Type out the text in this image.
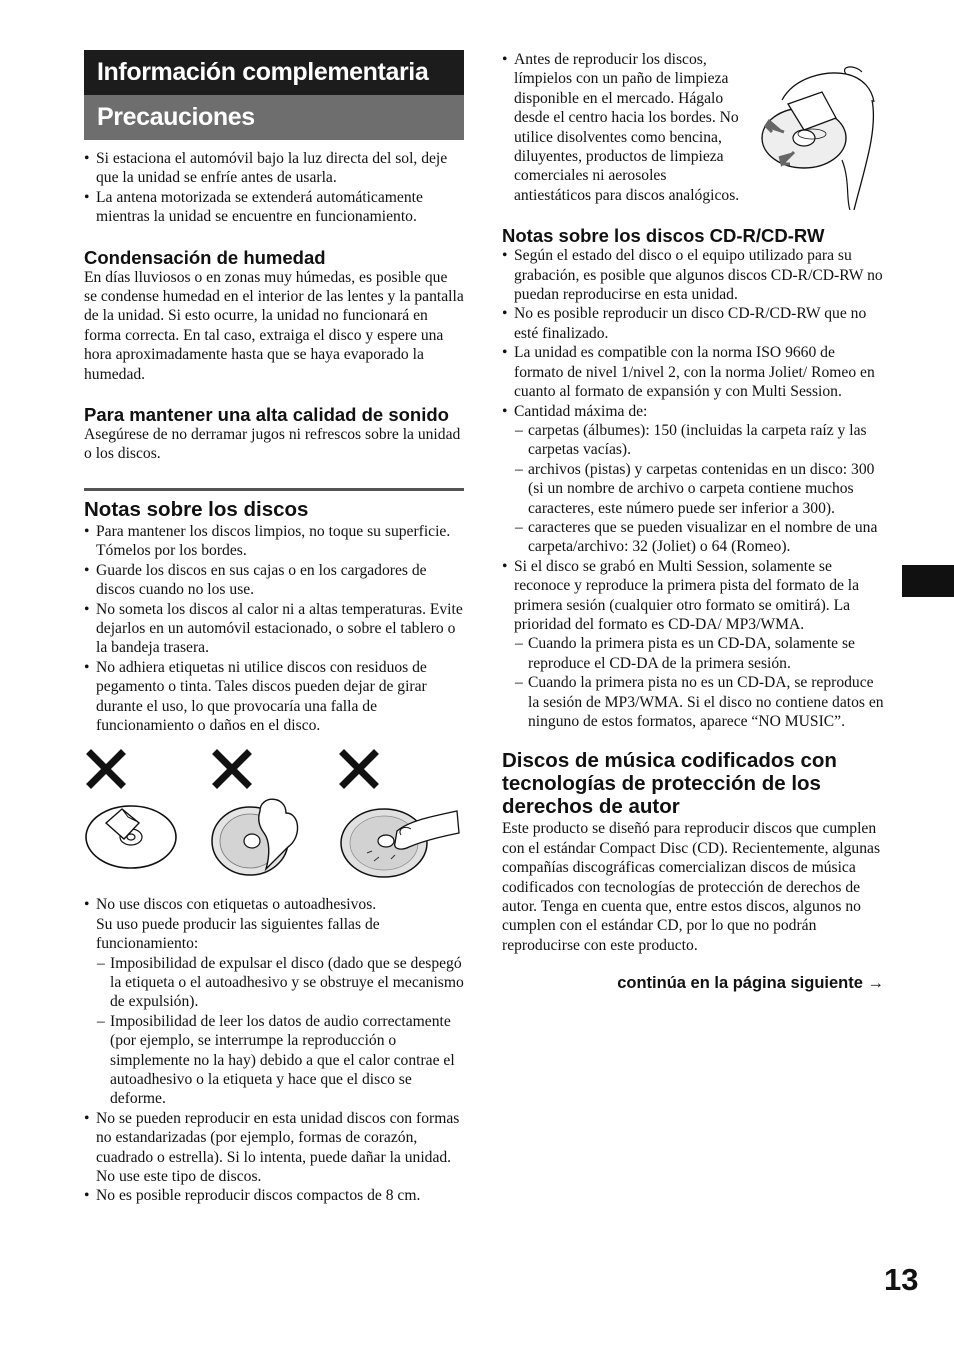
Información complementaria
Precauciones
• Si estaciona el automóvil bajo la luz directa del sol, deje que la unidad se enfríe antes de usarla.
• La antena motorizada se extenderá automáticamente mientras la unidad se encuentre en funcionamiento.
Condensación de humedad

En días lluviosos o en zonas muy húmedas, es posible que se condense humedad en el interior de las lentes y la pantalla de la unidad. Si esto ocurre, la unidad no funcionará en forma correcta. En tal caso, extraiga el disco y espere una hora aproximadamente hasta que se haya evaporado la humedad.

Para mantener una alta calidad de sonido

Asegúrese de no derramar jugos ni refrescos sobre la unidad o los discos.

Notas sobre los discos
• Para mantener los discos limpios, no toque su superficie. Tómelos por los bordes.
• Guarde los discos en sus cajas o en los cargadores de discos cuando no los use.
• No someta los discos al calor ni a altas temperaturas. Evite dejarlos en un automóvil estacionado, o sobre el tablero o la bandeja trasera.
• No adhiera etiquetas ni utilice discos con residuos de pegamento o tinta. Tales discos pueden dejar de girar durante el uso, lo que provocaría una falla de funcionamiento o daños en el disco.
• No use discos con etiquetas o autoadhesivos.
Su uso puede producir las siguientes fallas de funcionamiento:
– Imposibilidad de expulsar el disco (dado que se despegó la etiqueta o el autoadhesivo y se obstruye el mecanismo de expulsión).
– Imposibilidad de leer los datos de audio correctamente (por ejemplo, se interrumpe la reproducción o simplemente no la hay) debido a que el calor contrae el autoadhesivo o la etiqueta y hace que el disco se deforme.
• No se pueden reproducir en esta unidad discos con formas no estandarizadas (por ejemplo, formas de corazón, cuadrado o estrella). Si lo intenta, puede dañar la unidad. No use este tipo de discos.
• No es posible reproducir discos compactos de 8 cm.
• Antes de reproducir los discos, límpielos con un paño de limpieza disponible en el mercado. Hágalo desde el centro hacia los bordes. No utilice disolventes como bencina, diluyentes, productos de limpieza comerciales ni aerosoles antiestáticos para discos analógicos.
Notas sobre los discos CD-R/CD-RW
• Según el estado del disco o el equipo utilizado para su grabación, es posible que algunos discos CD-R/CD-RW no puedan reproducirse en esta unidad.
• No es posible reproducir un disco CD-R/CD-RW que no esté finalizado.
• La unidad es compatible con la norma ISO 9660 de formato de nivel 1/nivel 2, con la norma Joliet/ Romeo en cuanto al formato de expansión y con Multi Session.
• Cantidad máxima de:
– carpetas (álbumes): 150 (incluidas la carpeta raíz y las carpetas vacías).
– archivos (pistas) y carpetas contenidas en un disco: 300 (si un nombre de archivo o carpeta contiene muchos caracteres, este número puede ser inferior a 300).
– caracteres que se pueden visualizar en el nombre de una carpeta/archivo: 32 (Joliet) o 64 (Romeo).
• Si el disco se grabó en Multi Session, solamente se reconoce y reproduce la primera pista del formato de la primera sesión (cualquier otro formato se omitirá). La prioridad del formato es CD-DA/ MP3/WMA.
– Cuando la primera pista es un CD-DA, solamente se reproduce el CD-DA de la primera sesión.
– Cuando la primera pista no es un CD-DA, se reproduce la sesión de MP3/WMA. Si el disco no contiene datos en ninguno de estos formatos, aparece “NO MUSIC”.
Discos de música codificados con tecnologías de protección de los derechos de autor

Este producto se diseñó para reproducir discos que cumplen con el estándar Compact Disc (CD). Recientemente, algunas compañías discográficas comercializan discos de música codificados con tecnologías de protección de derechos de autor. Tenga en cuenta que, entre estos discos, algunos no cumplen con el estándar CD, por lo que no podrán reproducirse con este producto.

continúa en la página siguiente →
13
